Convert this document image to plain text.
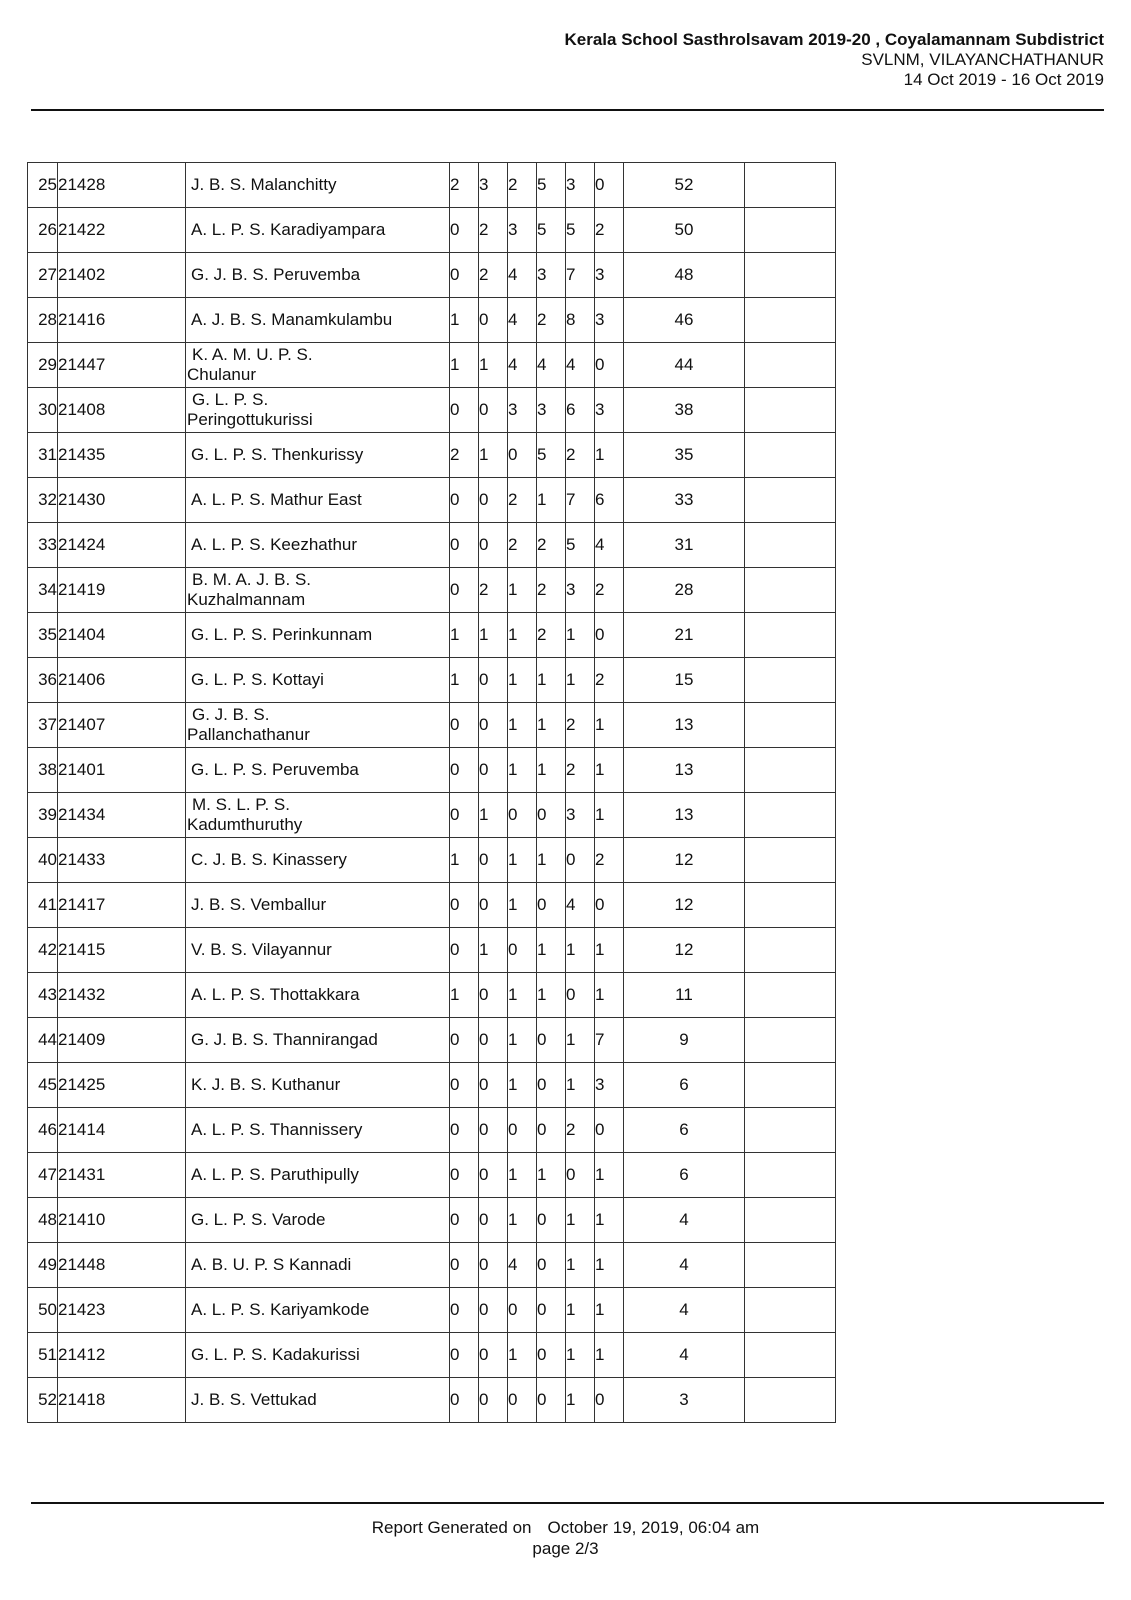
Kerala School Sasthrolsavam 2019-20 , Coyalamannam Subdistrict
SVLNM, VILAYANCHATHANUR
14 Oct 2019 - 16 Oct 2019
25	21428	J. B. S. Malanchitty	2	3	2	5	3	0	52	
26	21422	A. L. P. S. Karadiyampara	0	2	3	5	5	2	50	
27	21402	G. J. B. S. Peruvemba	0	2	4	3	7	3	48	
28	21416	A. J. B. S. Manamkulambu	1	0	4	2	8	3	46	
29	21447	K. A. M. U. P. S.
Chulanur	1	1	4	4	4	0	44	
30	21408	G. L. P. S.
Peringottukurissi	0	0	3	3	6	3	38	
31	21435	G. L. P. S. Thenkurissy	2	1	0	5	2	1	35	
32	21430	A. L. P. S. Mathur East	0	0	2	1	7	6	33	
33	21424	A. L. P. S. Keezhathur	0	0	2	2	5	4	31	
34	21419	B. M. A. J. B. S.
Kuzhalmannam	0	2	1	2	3	2	28	
35	21404	G. L. P. S. Perinkunnam	1	1	1	2	1	0	21	
36	21406	G. L. P. S. Kottayi	1	0	1	1	1	2	15	
37	21407	G. J. B. S.
Pallanchathanur	0	0	1	1	2	1	13	
38	21401	G. L. P. S. Peruvemba	0	0	1	1	2	1	13	
39	21434	M. S. L. P. S.
Kadumthuruthy	0	1	0	0	3	1	13	
40	21433	C. J. B. S. Kinassery	1	0	1	1	0	2	12	
41	21417	J. B. S. Vemballur	0	0	1	0	4	0	12	
42	21415	V. B. S. Vilayannur	0	1	0	1	1	1	12	
43	21432	A. L. P. S. Thottakkara	1	0	1	1	0	1	11	
44	21409	G. J. B. S. Thannirangad	0	0	1	0	1	7	9	
45	21425	K. J. B. S. Kuthanur	0	0	1	0	1	3	6	
46	21414	A. L. P. S. Thannissery	0	0	0	0	2	0	6	
47	21431	A. L. P. S. Paruthipully	0	0	1	1	0	1	6	
48	21410	G. L. P. S. Varode	0	0	1	0	1	1	4	
49	21448	A. B. U. P. S Kannadi	0	0	4	0	1	1	4	
50	21423	A. L. P. S. Kariyamkode	0	0	0	0	1	1	4	
51	21412	G. L. P. S. Kadakurissi	0	0	1	0	1	1	4	
52	21418	J. B. S. Vettukad	0	0	0	0	1	0	3	
Report Generated on October 19, 2019, 06:04 am
page 2/3
